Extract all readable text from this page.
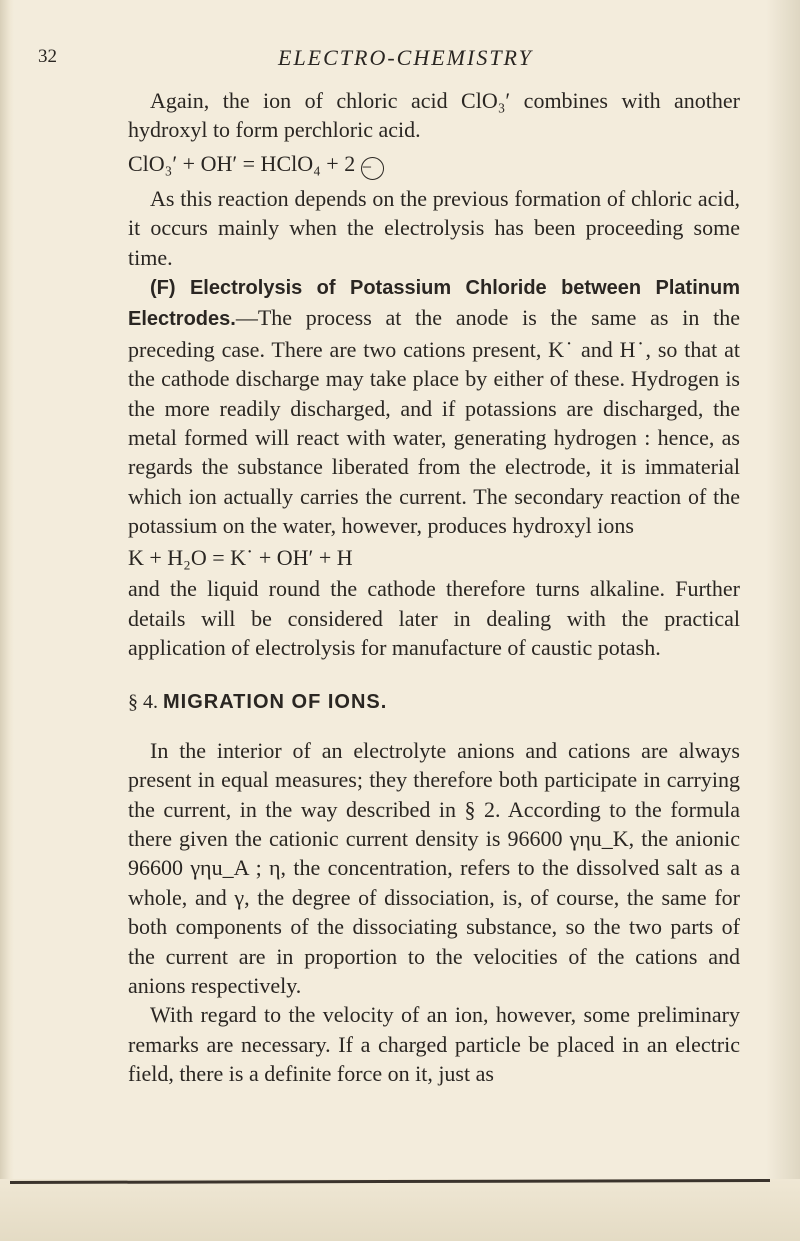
32	ELECTRO-CHEMISTRY

Again, the ion of chloric acid ClO₃′ combines with another hydroxyl to form perchloric acid.

ClO₃′ + OH′ = HClO₄ + 2 −

As this reaction depends on the previous formation of chloric acid, it occurs mainly when the electrolysis has been proceeding some time.

(F) Electrolysis of Potassium Chloride between Platinum Electrodes.—The process at the anode is the same as in the preceding case. There are two cations present, K˙ and H˙, so that at the cathode discharge may take place by either of these. Hydrogen is the more readily discharged, and if potassions are discharged, the metal formed will react with water, generating hydrogen : hence, as regards the substance liberated from the electrode, it is immaterial which ion actually carries the current. The secondary reaction of the potassium on the water, however, produces hydroxyl ions

K + H₂O = K˙ + OH′ + H

and the liquid round the cathode therefore turns alkaline. Further details will be considered later in dealing with the practical application of electrolysis for manufacture of caustic potash.

§ 4. MIGRATION OF IONS.

In the interior of an electrolyte anions and cations are always present in equal measures; they therefore both participate in carrying the current, in the way described in § 2. According to the formula there given the cationic current density is 96600 γηu_K, the anionic 96600 γηu_A ; η, the concentration, refers to the dissolved salt as a whole, and γ, the degree of dissociation, is, of course, the same for both components of the dissociating substance, so the two parts of the current are in proportion to the velocities of the cations and anions respectively.

With regard to the velocity of an ion, however, some preliminary remarks are necessary. If a charged particle be placed in an electric field, there is a definite force on it, just as
